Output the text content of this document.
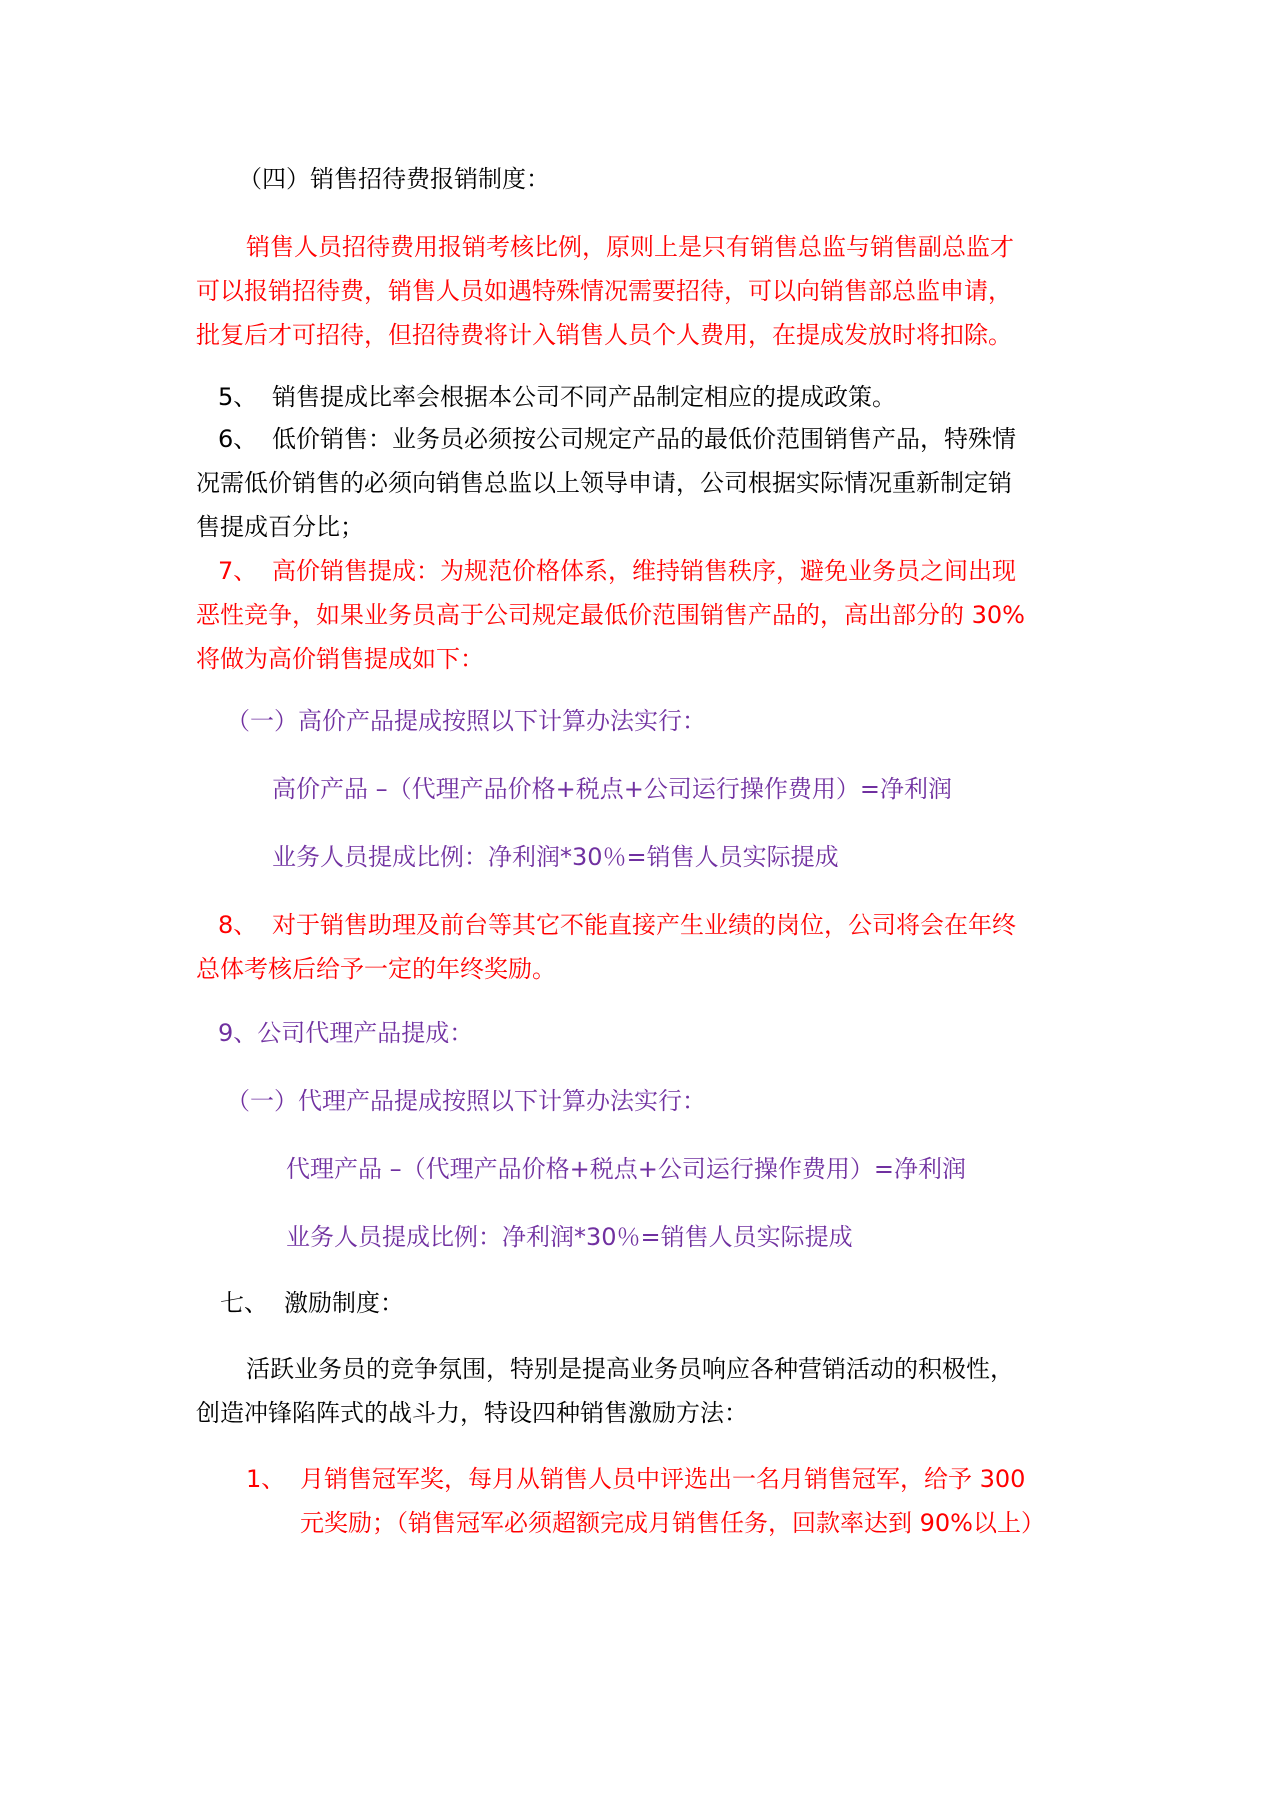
（四）销售招待费报销制度：

销售人员招待费用报销考核比例，原则上是只有销售总监与销售副总监才

可以报销招待费，销售人员如遇特殊情况需要招待，可以向销售部总监申请，

批复后才可招待，但招待费将计入销售人员个人费用，在提成发放时将扣除。

5、 销售提成比率会根据本公司不同产品制定相应的提成政策。

6、 低价销售：业务员必须按公司规定产品的最低价范围销售产品，特殊情

况需低价销售的必须向销售总监以上领导申请，公司根据实际情况重新制定销

售提成百分比；

7、 高价销售提成：为规范价格体系，维持销售秩序，避免业务员之间出现

恶性竞争，如果业务员高于公司规定最低价范围销售产品的，高出部分的 30%

将做为高价销售提成如下：

（一）高价产品提成按照以下计算办法实行：

高价产品 –（代理产品价格+税点+公司运行操作费用）=净利润

业务人员提成比例：净利润*30％=销售人员实际提成

8、 对于销售助理及前台等其它不能直接产生业绩的岗位，公司将会在年终

总体考核后给予一定的年终奖励。

9、公司代理产品提成：

（一）代理产品提成按照以下计算办法实行：

代理产品 –（代理产品价格+税点+公司运行操作费用）=净利润

业务人员提成比例：净利润*30％=销售人员实际提成

七、 激励制度：

活跃业务员的竞争氛围，特别是提高业务员响应各种营销活动的积极性，

创造冲锋陷阵式的战斗力，特设四种销售激励方法：

1、 月销售冠军奖，每月从销售人员中评选出一名月销售冠军，给予 300

元奖励；（销售冠军必须超额完成月销售任务，回款率达到 90%以上）
